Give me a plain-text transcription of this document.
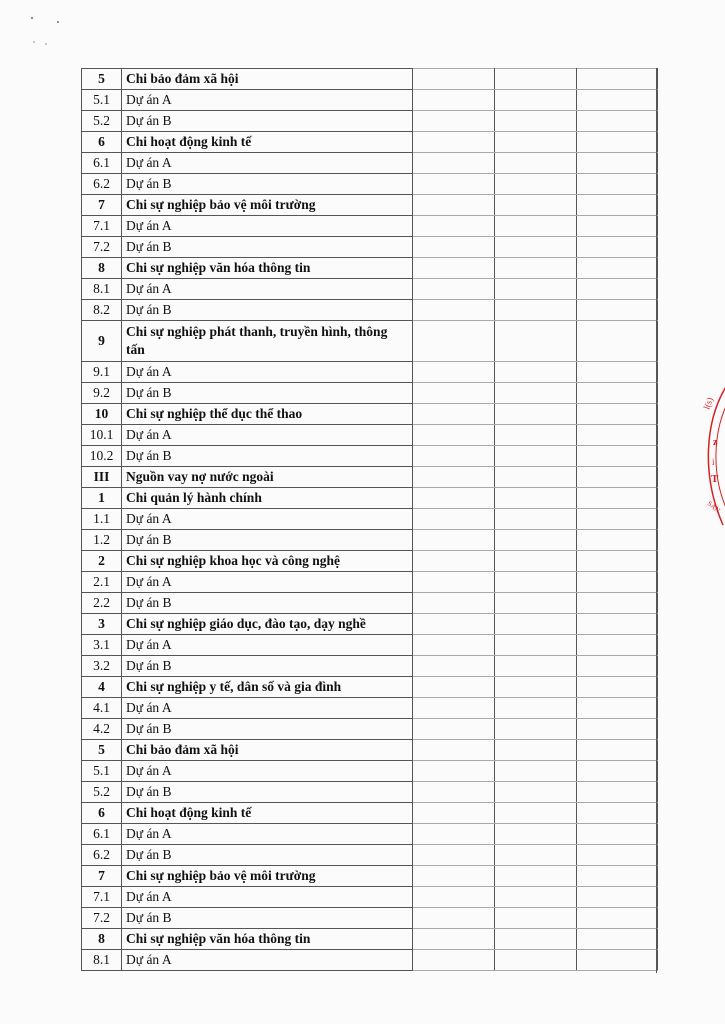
5	Chi bảo đảm xã hội			
5.1	Dự án A			
5.2	Dự án B			
6	Chi hoạt động kinh tế			
6.1	Dự án A			
6.2	Dự án B			
7	Chi sự nghiệp bảo vệ môi trường			
7.1	Dự án A			
7.2	Dự án B			
8	Chi sự nghiệp văn hóa thông tin			
8.1	Dự án A			
8.2	Dự án B			
9	Chi sự nghiệp phát thanh, truyền hình, thông tấn			
9.1	Dự án A			
9.2	Dự án B			
10	Chi sự nghiệp thể dục thể thao			
10.1	Dự án A			
10.2	Dự án B			
III	Nguồn vay nợ nước ngoài			
1	Chi quản lý hành chính			
1.1	Dự án A			
1.2	Dự án B			
2	Chi sự nghiệp khoa học và công nghệ			
2.1	Dự án A			
2.2	Dự án B			
3	Chi sự nghiệp giáo dục, đào tạo, dạy nghề			
3.1	Dự án A			
3.2	Dự án B			
4	Chi sự nghiệp y tế, dân số và gia đình			
4.1	Dự án A			
4.2	Dự án B			
5	Chi bảo đảm xã hội			
5.1	Dự án A			
5.2	Dự án B			
6	Chi hoạt động kinh tế			
6.1	Dự án A			
6.2	Dự án B			
7	Chi sự nghiệp bảo vệ môi trường			
7.1	Dự án A			
7.2	Dự án B			
8	Chi sự nghiệp văn hóa thông tin			
8.1	Dự án A			
l(s)
z
i
T
SAN
